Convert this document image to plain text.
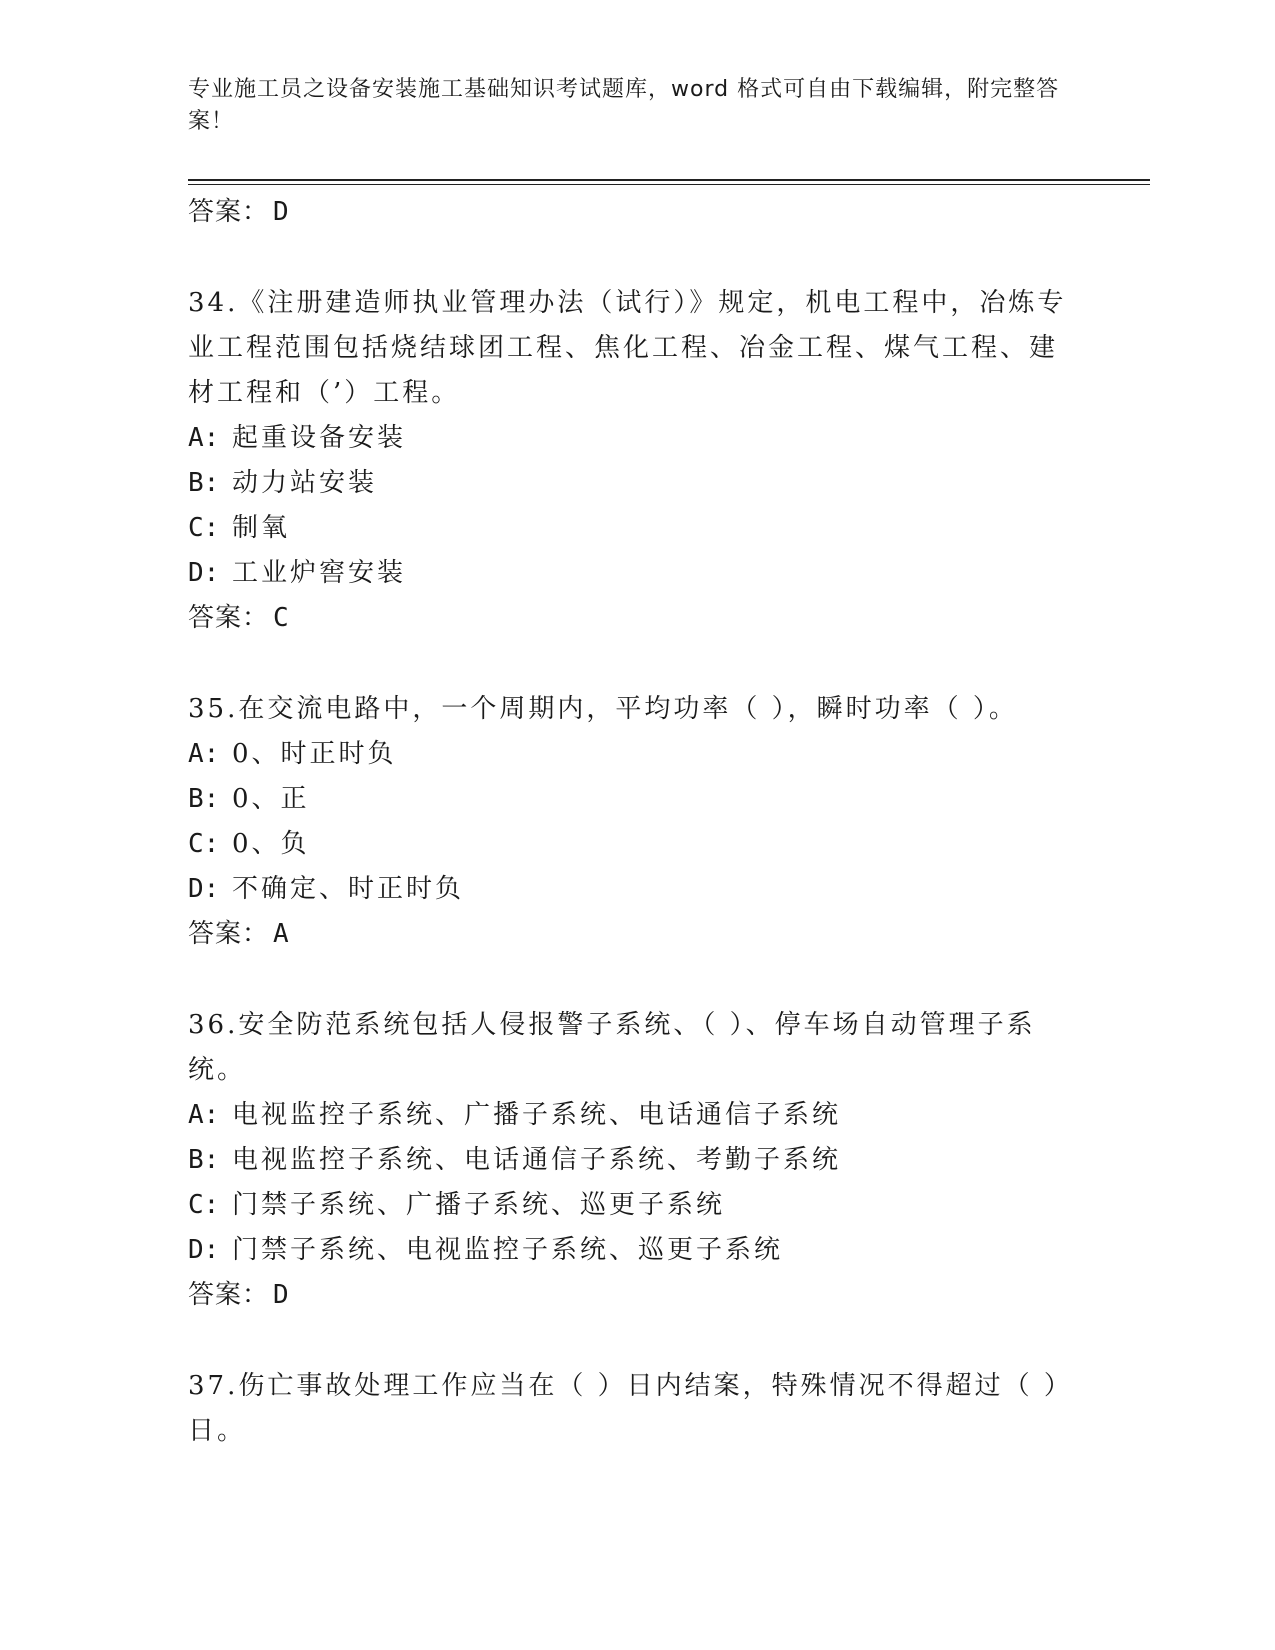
专业施工员之设备安装施工基础知识考试题库，word 格式可自由下载编辑，附完整答案！
答案： D
34.《注册建造师执业管理办法（试行）》规定，机电工程中，冶炼专
业工程范围包括烧结球团工程、焦化工程、冶金工程、煤气工程、建
材工程和（’）工程。
A: 起重设备安装
B: 动力站安装
C: 制氧
D: 工业炉窖安装
答案： C
35.在交流电路中，一个周期内，平均功率（ ），瞬时功率（ ）。
A: 0、时正时负
B: 0、正
C: 0、负
D: 不确定、时正时负
答案： A
36.安全防范系统包括人侵报警子系统、（ ）、停车场自动管理子系
统。
A: 电视监控子系统、广播子系统、电话通信子系统
B: 电视监控子系统、电话通信子系统、考勤子系统
C: 门禁子系统、广播子系统、巡更子系统
D: 门禁子系统、电视监控子系统、巡更子系统
答案： D
37.伤亡事故处理工作应当在（ ）日内结案，特殊情况不得超过（ ）
日。
